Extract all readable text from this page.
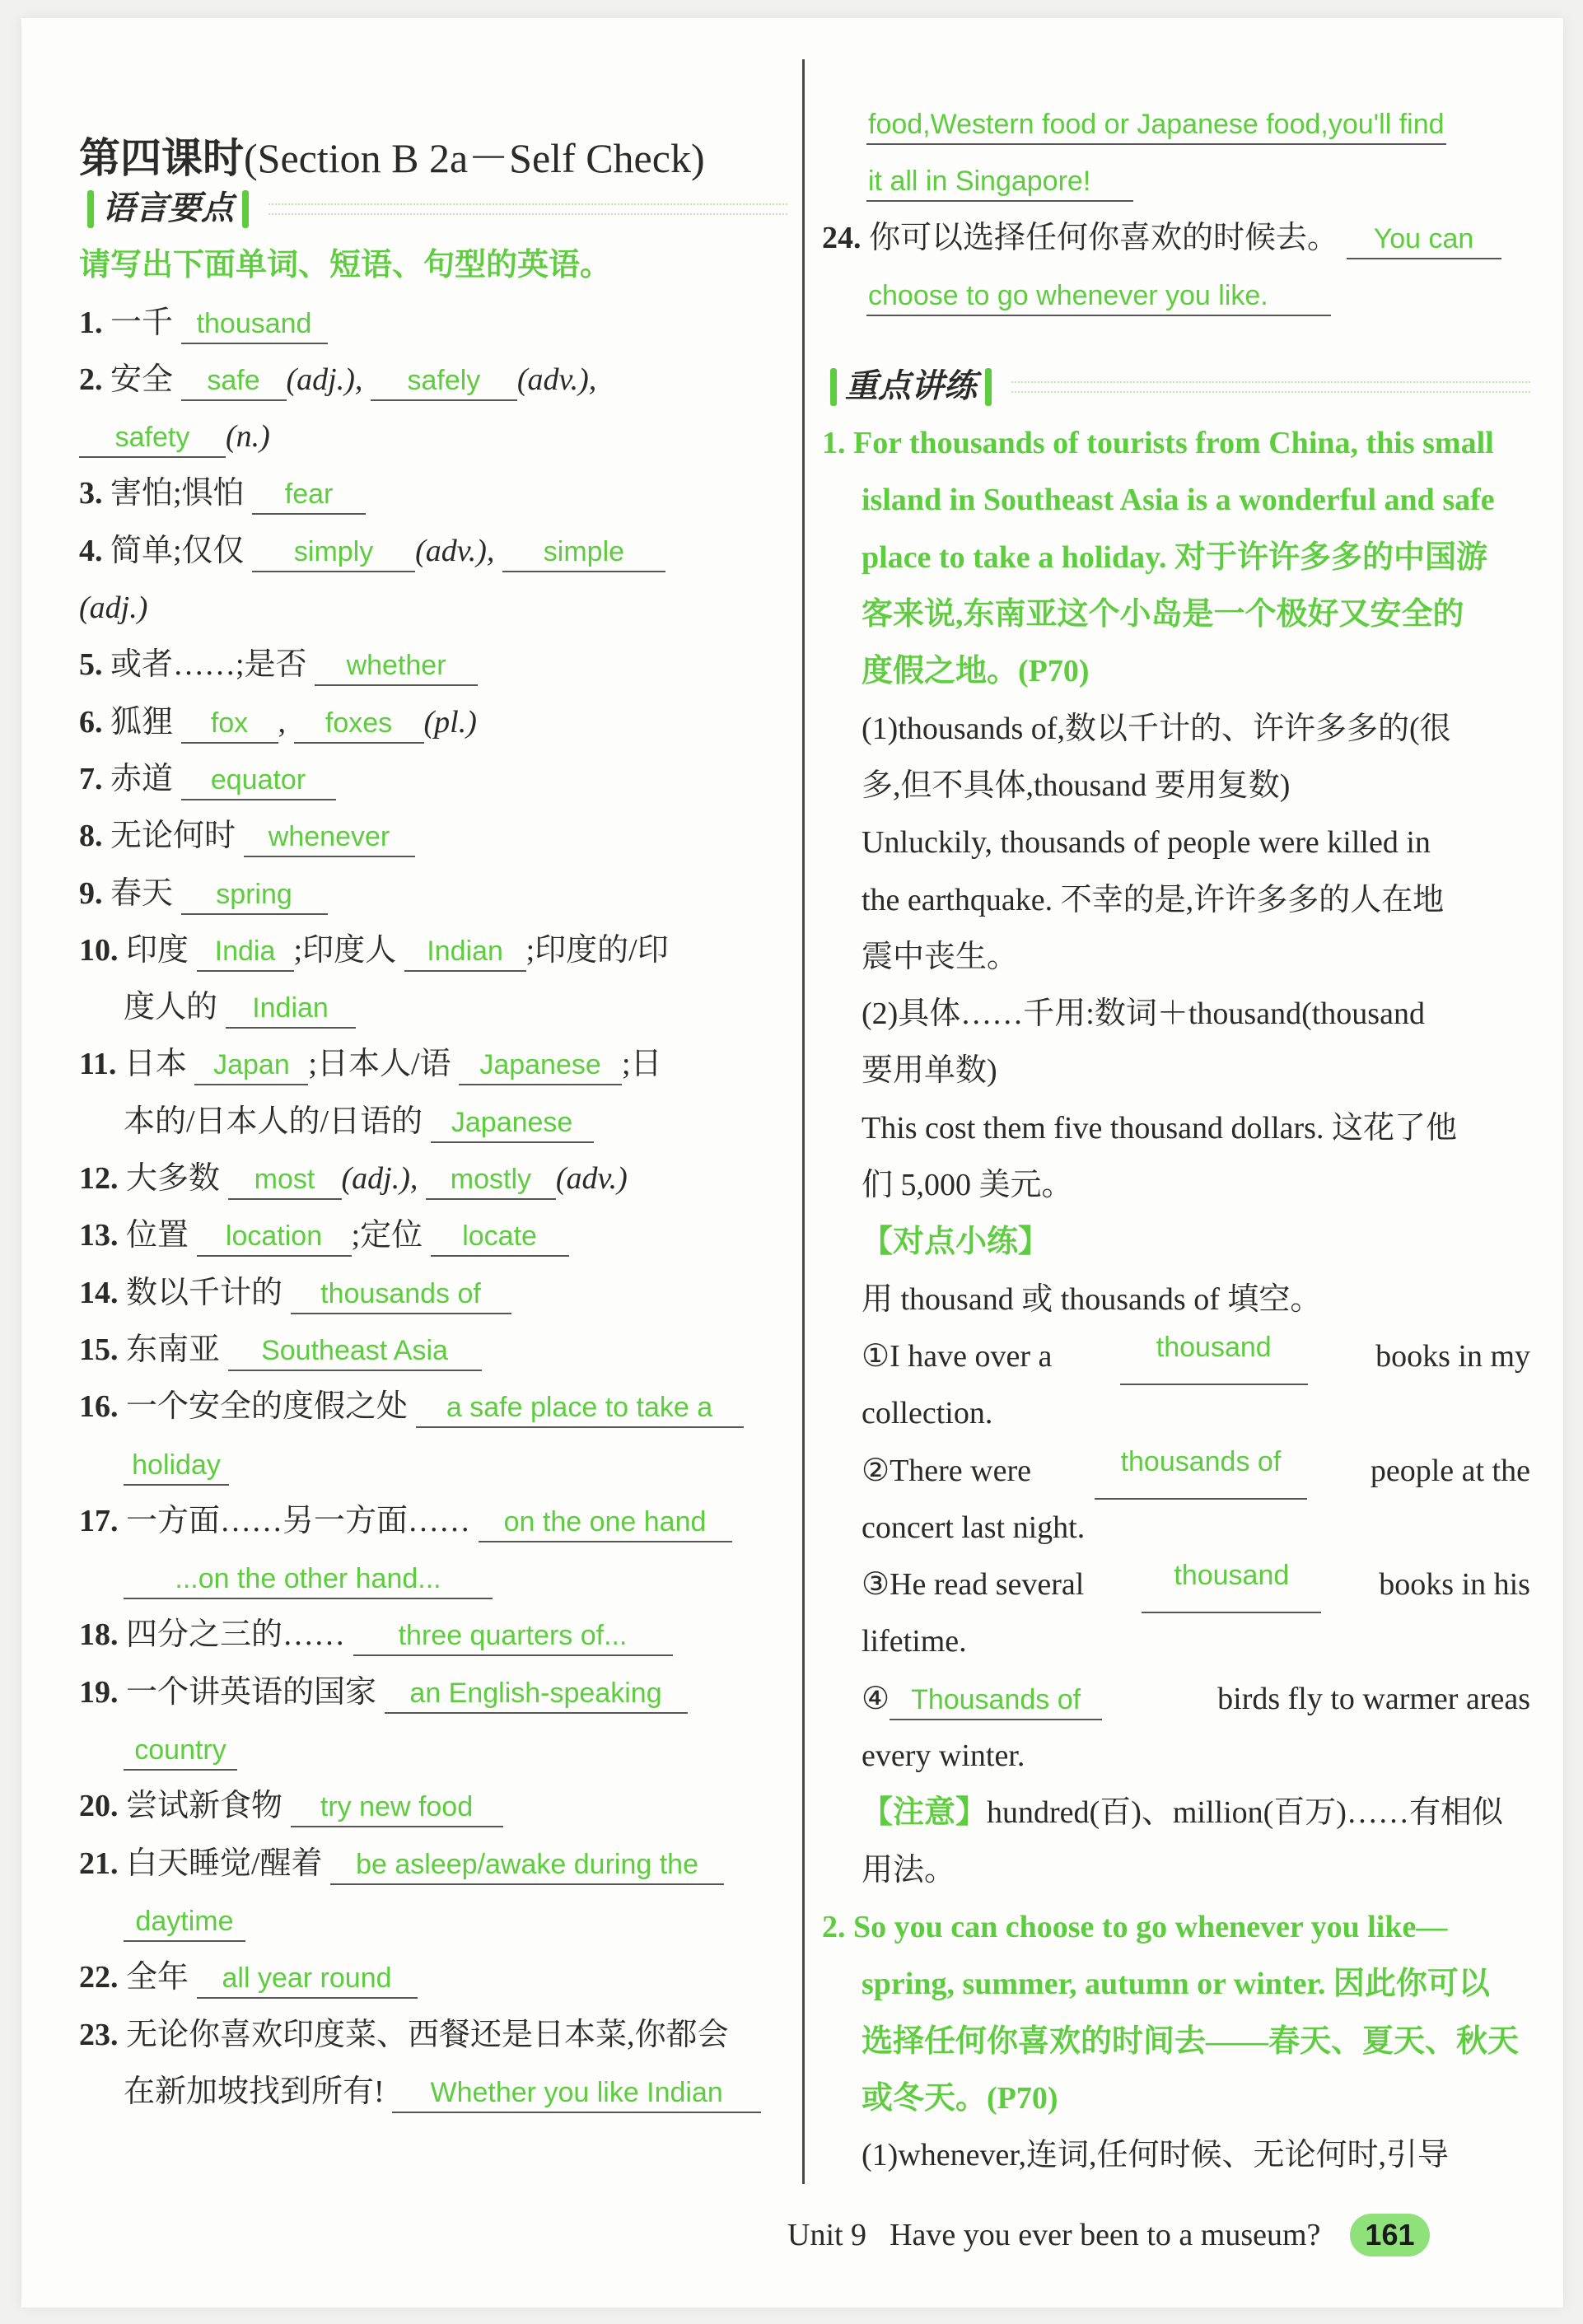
第四课时(Section B 2a－Self Check)
语言要点
请写出下面单词、短语、句型的英语。
1. 一千 thousand
2. 安全 safe (adj.), safely (adv.),
safety (n.)
3. 害怕;惧怕 fear
4. 简单;仅仅 simply (adv.), simple
(adj.)
5. 或者……;是否 whether
6. 狐狸 fox , foxes (pl.)
7. 赤道 equator
8. 无论何时 whenever
9. 春天 spring
10. 印度 India ;印度人 Indian ;印度的/印
度人的 Indian
11. 日本 Japan ;日本人/语 Japanese ;日
本的/日本人的/日语的 Japanese
12. 大多数 most (adj.), mostly (adv.)
13. 位置 location ;定位 locate
14. 数以千计的 thousands of
15. 东南亚 Southeast Asia
16. 一个安全的度假之处 a safe place to take a
holiday
17. 一方面……另一方面…… on the one hand
...on the other hand...
18. 四分之三的…… three quarters of...
19. 一个讲英语的国家 an English-speaking
country
20. 尝试新食物 try new food
21. 白天睡觉/醒着 be asleep/awake during the
daytime
22. 全年 all year round
23. 无论你喜欢印度菜、西餐还是日本菜,你都会
在新加坡找到所有! Whether you like Indian
food,Western food or Japanese food,you'll find
it all in Singapore!
24. 你可以选择任何你喜欢的时候去。 You can
choose to go whenever you like.
重点讲练
1. For thousands of tourists from China, this small
island in Southeast Asia is a wonderful and safe
place to take a holiday. 对于许许多多的中国游
客来说,东南亚这个小岛是一个极好又安全的
度假之地。(P70)
(1)thousands of,数以千计的、许许多多的(很
多,但不具体,thousand 要用复数)
Unluckily, thousands of people were killed in
the earthquake. 不幸的是,许许多多的人在地
震中丧生。
(2)具体……千用:数词＋thousand(thousand
要用单数)
This cost them five thousand dollars. 这花了他
们 5,000 美元。
【对点小练】
用 thousand 或 thousands of 填空。
①I have over a	thousand	books in my
collection.
②There were	thousands of	people at the
concert last night.
③He read several	thousand	books in his
lifetime.
④ Thousands of	birds fly to warmer areas
every winter.
【注意】hundred(百)、million(百万)……有相似
用法。
2. So you can choose to go whenever you like—
spring, summer, autumn or winter. 因此你可以
选择任何你喜欢的时间去——春天、夏天、秋天
或冬天。(P70)
(1)whenever,连词,任何时候、无论何时,引导
Unit 9 Have you ever been to a museum?	161
